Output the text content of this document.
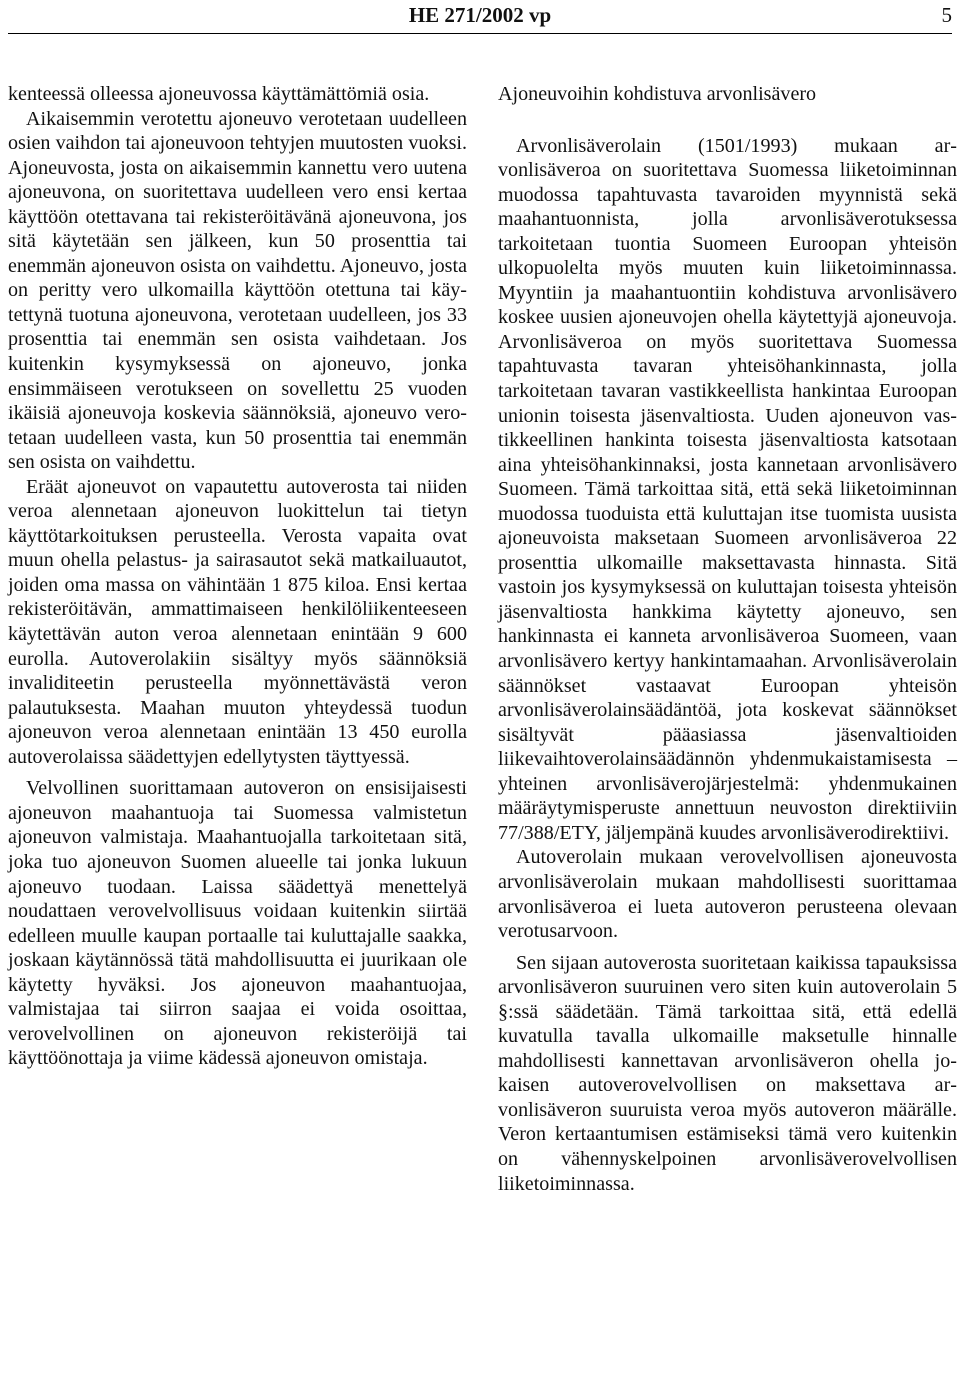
HE 271/2002 vp	5

kenteessä olleessa ajoneuvossa käyttämättömiä osia.

Aikaisemmin verotettu ajoneuvo verotetaan uudelleen osien vaihdon tai ajoneuvoon tehtyjen muutosten vuoksi. Ajoneuvosta, josta on aikaisemmin kannettu vero uutena ajoneuvona, on suoritettava uudelleen vero ensi kertaa käyttöön otettavana tai rekisteröitävänä ajoneuvona, jos sitä käytetään sen jälkeen, kun 50 prosenttia tai enemmän ajoneuvon osista on vaihdettu. Ajoneuvo, josta on peritty vero ulkomailla käyttöön otettuna tai käytettynä tuotuna ajoneuvona, verotetaan uudelleen, jos 33 prosenttia tai enemmän sen osista vaihdetaan. Jos kuitenkin kysymyksessä on ajoneuvo, jonka ensimmäiseen verotukseen on sovellettu 25 vuoden ikäisiä ajoneuvoja koskevia säännöksiä, ajoneuvo verotetaan uudelleen vasta, kun 50 prosenttia tai enemmän sen osista on vaihdettu.

Eräät ajoneuvot on vapautettu autoverosta tai niiden veroa alennetaan ajoneuvon luokittelun tai tietyn käyttötarkoituksen perusteella. Verosta vapaita ovat muun ohella pelastus- ja sairasautot sekä matkailuautot, joiden oma massa on vähintään 1 875 kiloa. Ensi kertaa rekisteröitävän, ammattimaiseen henkilöliikenteeseen käytettävän auton veroa alennetaan enintään 9 600 eurolla. Autoverolakiin sisältyy myös säännöksiä invaliditeetin perusteella myönnettävästä veron palautuksesta. Maahan muuton yhteydessä tuodun ajoneuvon veroa alennetaan enintään 13 450 eurolla autoverolaissa säädettyjen edellytysten täyttyessä.

Velvollinen suorittamaan autoveron on ensisijaisesti ajoneuvon maahantuoja tai Suomessa valmistetun ajoneuvon valmistaja. Maahantuojalla tarkoitetaan sitä, joka tuo ajoneuvon Suomen alueelle tai jonka lukuun ajoneuvo tuodaan. Laissa säädettyä menettelyä noudattaen verovelvollisuus voidaan kuitenkin siirtää edelleen muulle kaupan portaalle tai kuluttajalle saakka, joskaan käytännössä tätä mahdollisuutta ei juurikaan ole käytetty hyväksi. Jos ajoneuvon maahantuojaa, valmistajaa tai siirron saajaa ei voida osoittaa, verovelvollinen on ajoneuvon rekisteröijä tai käyttöönottaja ja viime kädessä ajoneuvon omistaja.

Ajoneuvoihin kohdistuva arvonlisävero

Arvonlisäverolain (1501/1993) mukaan arvonlisäveroa on suoritettava Suomessa liiketoiminnan muodossa tapahtuvasta tavaroiden myynnistä sekä maahantuonnista, jolla arvonlisäverotuksessa tarkoitetaan tuontia Suomeen Euroopan yhteisön ulkopuolelta myös muuten kuin liiketoiminnassa. Myyntiin ja maahantuontiin kohdistuva arvonlisävero koskee uusien ajoneuvojen ohella käytettyjä ajoneuvoja. Arvonlisäveroa on myös suoritettava Suomessa tapahtuvasta tavaran yhteisöhankinnasta, jolla tarkoitetaan tavaran vastikkeellista hankintaa Euroopan unionin toisesta jäsenvaltiosta. Uuden ajoneuvon vastikkeellinen hankinta toisesta jäsenvaltiosta katsotaan aina yhteisöhankinnaksi, josta kannetaan arvonlisävero Suomeen. Tämä tarkoittaa sitä, että sekä liiketoiminnan muodossa tuoduista että kuluttajan itse tuomista uusista ajoneuvoista maksetaan Suomeen arvonlisäveroa 22 prosenttia ulkomaille maksettavasta hinnasta. Sitä vastoin jos kysymyksessä on kuluttajan toisesta yhteisön jäsenvaltiosta hankkima käytetty ajoneuvo, sen hankinnasta ei kanneta arvonlisäveroa Suomeen, vaan arvonlisävero kertyy hankintamaahan. Arvonlisäverolain säännökset vastaavat Euroopan yhteisön arvonlisäverolainsäädäntöä, jota koskevat säännökset sisältyvät pääasiassa jäsenvaltioiden liikevaihtoverolainsäädännön yhdenmukaistamisesta – yhteinen arvonlisäverojärjestelmä: yhdenmukainen määräytymisperuste annettuun neuvoston direktiiviin 77/388/ETY, jäljempänä kuudes arvonlisäverodirektiivi.

Autoverolain mukaan verovelvollisen ajoneuvosta arvonlisäverolain mukaan mahdollisesti suorittamaa arvonlisäveroa ei lueta autoveron perusteena olevaan verotusarvoon.

Sen sijaan autoverosta suoritetaan kaikissa tapauksissa arvonlisäveron suuruinen vero siten kuin autoverolain 5 §:ssä säädetään. Tämä tarkoittaa sitä, että edellä kuvatulla tavalla ulkomaille maksetulle hinnalle mahdollisesti kannettavan arvonlisäveron ohella jokaisen autoverovelvollisen on maksettava arvonlisäveron suuruista veroa myös autoveron määrälle. Veron kertaantumisen estämiseksi tämä vero kuitenkin on vähennyskelpoinen arvonlisäverovelvollisen liiketoiminnassa.
